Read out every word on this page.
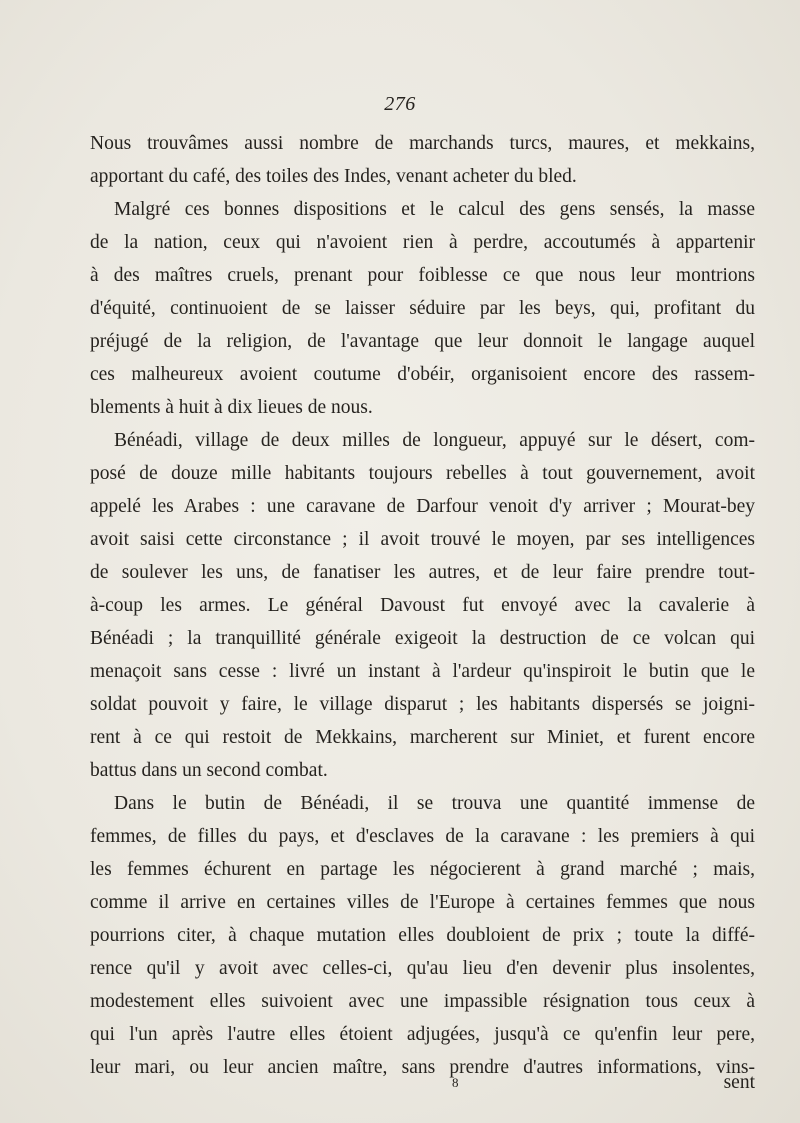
276
Nous trouvâmes aussi nombre de marchands turcs, maures, et mekkains,
apportant du café, des toiles des Indes, venant acheter du bled.
Malgré ces bonnes dispositions et le calcul des gens sensés, la masse
de la nation, ceux qui n'avoient rien à perdre, accoutumés à appartenir
à des maîtres cruels, prenant pour foiblesse ce que nous leur montrions
d'équité, continuoient de se laisser séduire par les beys, qui, profitant du
préjugé de la religion, de l'avantage que leur donnoit le langage auquel
ces malheureux avoient coutume d'obéir, organisoient encore des rassem-
blements à huit à dix lieues de nous.
Bénéadi, village de deux milles de longueur, appuyé sur le désert, com-
posé de douze mille habitants toujours rebelles à tout gouvernement, avoit
appelé les Arabes : une caravane de Darfour venoit d'y arriver ; Mourat-bey
avoit saisi cette circonstance ; il avoit trouvé le moyen, par ses intelligences
de soulever les uns, de fanatiser les autres, et de leur faire prendre tout-
à-coup les armes. Le général Davoust fut envoyé avec la cavalerie à
Bénéadi ; la tranquillité générale exigeoit la destruction de ce volcan qui
menaçoit sans cesse : livré un instant à l'ardeur qu'inspiroit le butin que le
soldat pouvoit y faire, le village disparut ; les habitants dispersés se joigni-
rent à ce qui restoit de Mekkains, marcherent sur Miniet, et furent encore
battus dans un second combat.
Dans le butin de Bénéadi, il se trouva une quantité immense de
femmes, de filles du pays, et d'esclaves de la caravane : les premiers à qui
les femmes échurent en partage les négocierent à grand marché ; mais,
comme il arrive en certaines villes de l'Europe à certaines femmes que nous
pourrions citer, à chaque mutation elles doubloient de prix ; toute la diffé-
rence qu'il y avoit avec celles-ci, qu'au lieu d'en devenir plus insolentes,
modestement elles suivoient avec une impassible résignation tous ceux à
qui l'un après l'autre elles étoient adjugées, jusqu'à ce qu'enfin leur pere,
leur mari, ou leur ancien maître, sans prendre d'autres informations, vins-
8	sent
